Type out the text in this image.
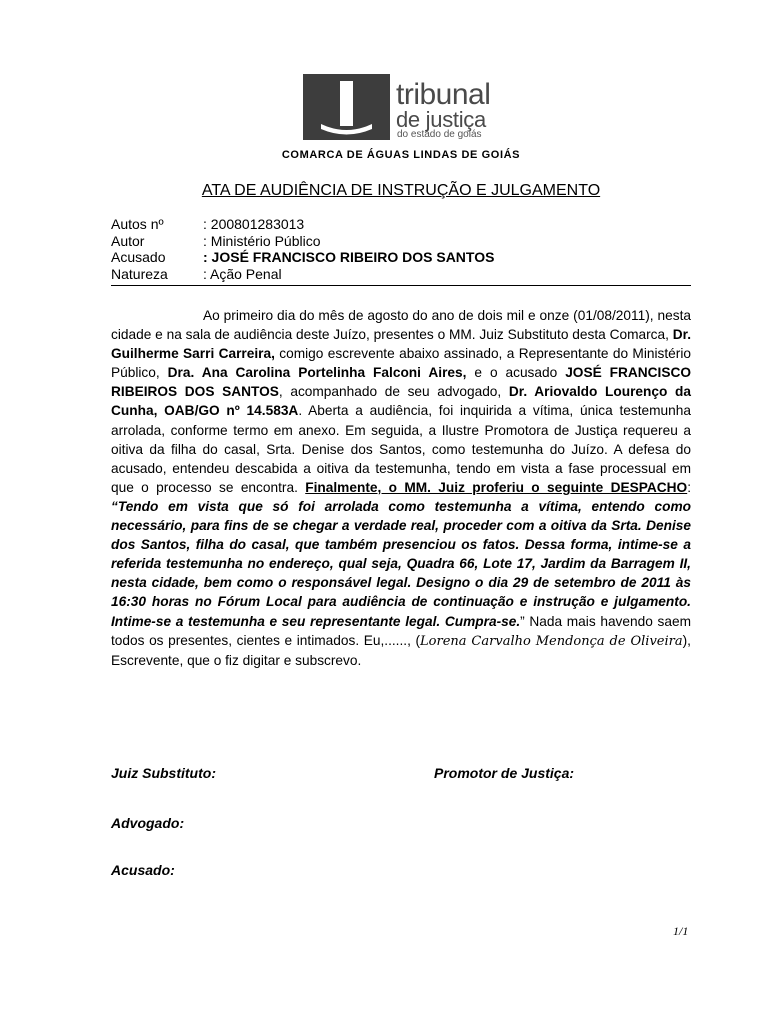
tribunal
de justiça
do estado de goiás
COMARCA DE ÁGUAS LINDAS DE GOIÁS
ATA DE AUDIÊNCIA DE INSTRUÇÃO E JULGAMENTO
Autos nº	: 200801283013
Autor	: Ministério Público
Acusado	: JOSÉ FRANCISCO RIBEIRO DOS SANTOS
Natureza	: Ação Penal

Ao primeiro dia do mês de agosto do ano de dois mil e onze (01/08/2011), nesta cidade e na sala de audiência deste Juízo, presentes o MM. Juiz Substituto desta Comarca, Dr. Guilherme Sarri Carreira, comigo escrevente abaixo assinado, a Representante do Ministério Público, Dra. Ana Carolina Portelinha Falconi Aires, e o acusado JOSÉ FRANCISCO RIBEIROS DOS SANTOS, acompanhado de seu advogado, Dr. Ariovaldo Lourenço da Cunha, OAB/GO nº 14.583A. Aberta a audiência, foi inquirida a vítima, única testemunha arrolada, conforme termo em anexo. Em seguida, a Ilustre Promotora de Justiça requereu a oitiva da filha do casal, Srta. Denise dos Santos, como testemunha do Juízo. A defesa do acusado, entendeu descabida a oitiva da testemunha, tendo em vista a fase processual em que o processo se encontra. Finalmente, o MM. Juiz proferiu o seguinte DESPACHO: “Tendo em vista que só foi arrolada como testemunha a vítima, entendo como necessário, para fins de se chegar a verdade real, proceder com a oitiva da Srta. Denise dos Santos, filha do casal, que também presenciou os fatos. Dessa forma, intime-se a referida testemunha no endereço, qual seja, Quadra 66, Lote 17, Jardim da Barragem II, nesta cidade, bem como o responsável legal. Designo o dia 29 de setembro de 2011 às 16:30 horas no Fórum Local para audiência de continuação e instrução e julgamento. Intime-se a testemunha e seu representante legal. Cumpra-se.” Nada mais havendo saem todos os presentes, cientes e intimados. Eu,......, (Lorena Carvalho Mendonça de Oliveira), Escrevente, que o fiz digitar e subscrevo.

Juiz Substituto:	Promotor de Justiça:
Advogado:
Acusado:
1/1
